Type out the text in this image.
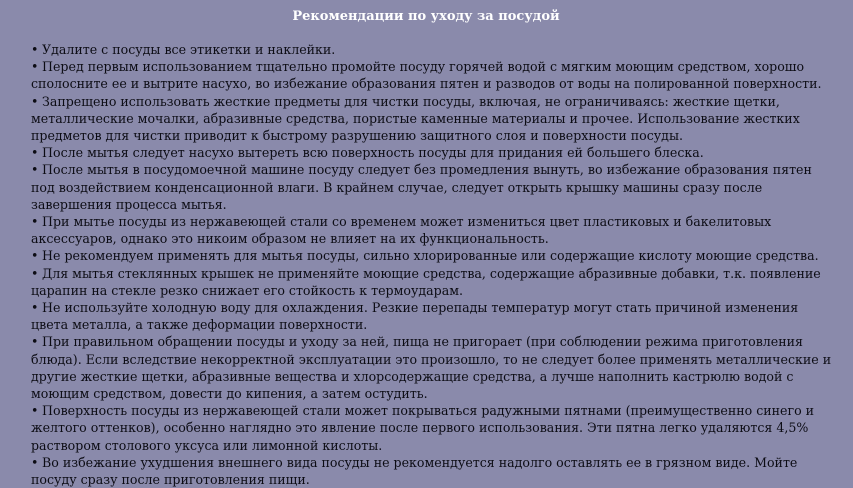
Рекомендации по уходу за посудой
• Удалите с посуды все этикетки и наклейки.
• Перед первым использованием тщательно промойте посуду горячей водой с мягким моющим средством, хорошо сполосните ее и вытрите насухо, во избежание образования пятен и разводов от воды на полированной поверхности.
• Запрещено использовать жесткие предметы для чистки посуды, включая, не ограничиваясь: жесткие щетки, металлические мочалки, абразивные средства, пористые каменные материалы и прочее. Использование жестких предметов для чистки приводит к быстрому разрушению защитного слоя и поверхности посуды.
• После мытья следует насухо вытереть всю поверхность посуды для придания ей большего блеска.
• После мытья в посудомоечной машине посуду следует без промедления вынуть, во избежание образования пятен под воздействием конденсационной влаги. В крайнем случае, следует открыть крышку машины сразу после завершения процесса мытья.
• При мытье посуды из нержавеющей стали со временем может измениться цвет пластиковых и бакелитовых аксессуаров, однако это никоим образом не влияет на их функциональность.
• Не рекомендуем применять для мытья посуды, сильно хлорированные или содержащие кислоту моющие средства.
• Для мытья стеклянных крышек не применяйте моющие средства, содержащие абразивные добавки, т.к. появление царапин на стекле резко снижает его стойкость к термоударам.
• Не используйте холодную воду для охлаждения. Резкие перепады температур могут стать причиной изменения цвета металла, а также деформации поверхности.
• При правильном обращении посуды и уходу за ней, пища не пригорает (при соблюдении режима приготовления блюда). Если вследствие некорректной эксплуатации это произошло, то не следует более применять металлические и другие жесткие щетки, абразивные вещества и хлорсодержащие средства, а лучше наполнить кастрюлю водой с моющим средством, довести до кипения, а затем остудить.
• Поверхность посуды из нержавеющей стали может покрываться радужными пятнами (преимущественно синего и желтого оттенков), особенно наглядно это явление после первого использования. Эти пятна легко удаляются 4,5% раствором столового уксуса или лимонной кислоты.
• Во избежание ухудшения внешнего вида посуды не рекомендуется надолго оставлять ее в грязном виде. Мойте посуду сразу после приготовления пищи.
